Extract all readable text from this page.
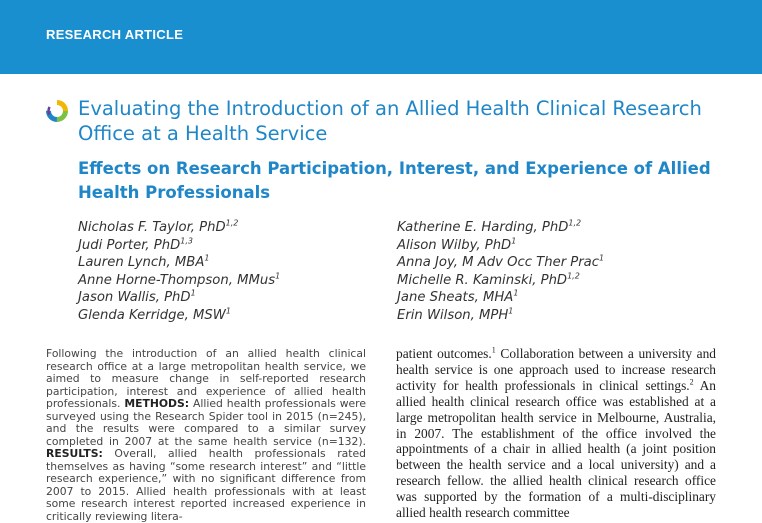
RESEARCH ARTICLE
Evaluating the Introduction of an Allied Health Clinical Research Office at a Health Service
Effects on Research Participation, Interest, and Experience of Allied Health Professionals
Nicholas F. Taylor, PhD$^{1,2}$
Judi Porter, PhD$^{1,3}$
Lauren Lynch, MBA$^1$
Anne Horne-Thompson, MMus$^1$
Jason Wallis, PhD$^1$
Glenda Kerridge, MSW$^1$
Katherine E. Harding, PhD$^{1,2}$
Alison Wilby, PhD$^1$
Anna Joy, M Adv Occ Ther Prac$^1$
Michelle R. Kaminski, PhD$^{1,2}$
Jane Sheats, MHA$^1$
Erin Wilson, MPH$^1$
Following the introduction of an allied health clinical research office at a large metropolitan health service, we aimed to measure change in self-reported research participation, interest and experience of allied health professionals. METHODS: Allied health professionals were surveyed using the Research Spider tool in 2015 (n=245), and the results were compared to a similar survey completed in 2007 at the same health service (n=132). RESULTS: Overall, allied health professionals rated themselves as having “some research interest” and “little research experience,” with no significant difference from 2007 to 2015. Allied health professionals with at least some research interest reported increased experience in critically reviewing litera-
patient outcomes.$^1$ Collaboration between a university and health service is one approach used to increase research activity for health professionals in clinical settings.$^2$ An allied health clinical research office was established at a large metropolitan health service in Melbourne, Australia, in 2007. The establishment of the office involved the appointments of a chair in allied health (a joint position between the health service and a local university) and a research fellow. the allied health clinical research office was supported by the formation of a multi-disciplinary allied health research committee
